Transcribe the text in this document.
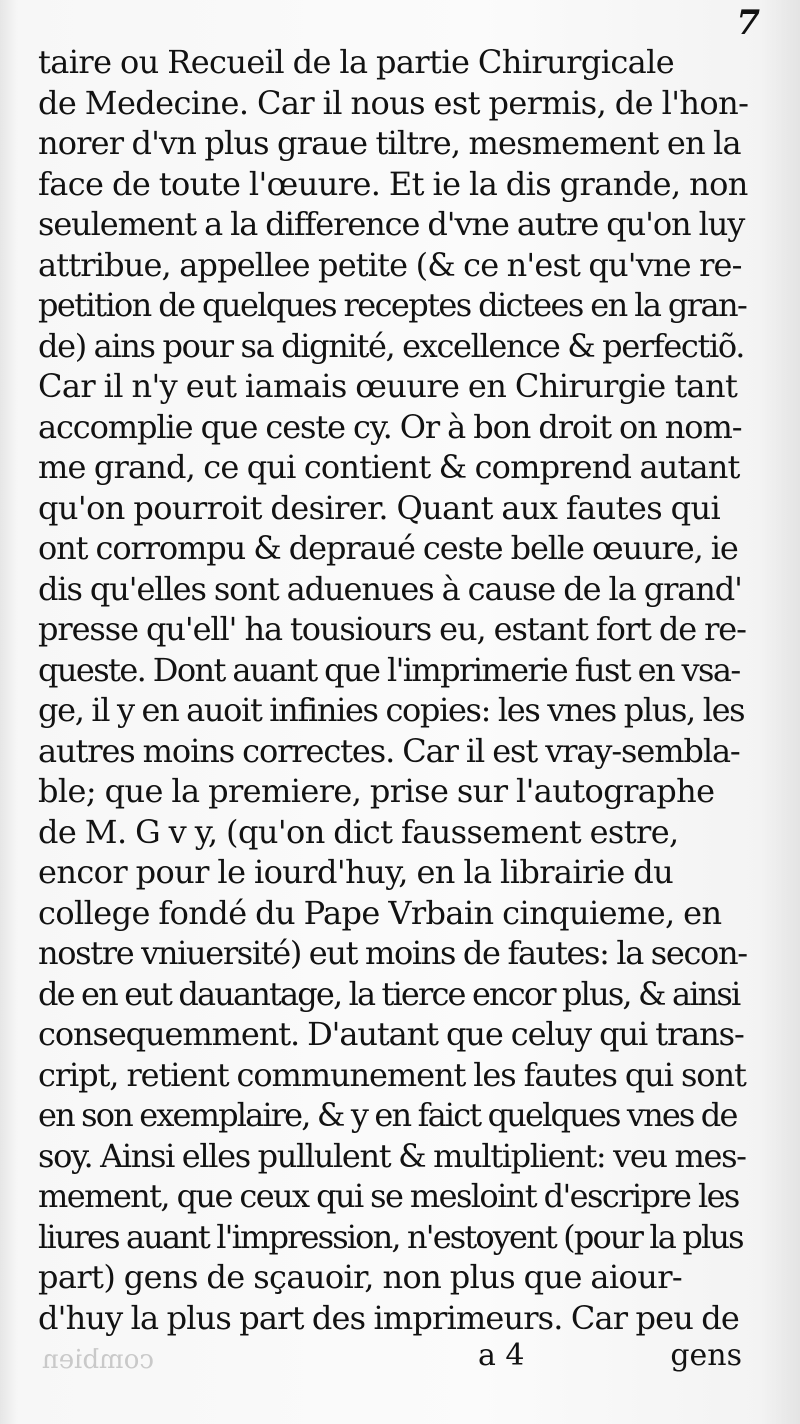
7
taire ou Recueil de la partie Chirurgicale
de Medecine. Car il nous est permis, de l'hon-
norer d'vn plus graue tiltre, mesmement en la
face de toute l'œuure. Et ie la dis grande, non
seulement a la difference d'vne autre qu'on luy
attribue, appellee petite (& ce n'est qu'vne re-
petition de quelques receptes dictees en la gran-
de) ains pour sa dignité, excellence & perfectiõ.
Car il n'y eut iamais œuure en Chirurgie tant
accomplie que ceste cy. Or à bon droit on nom-
me grand, ce qui contient & comprend autant
qu'on pourroit desirer. Quant aux fautes qui
ont corrompu & depraué ceste belle œuure, ie
dis qu'elles sont aduenues à cause de la grand'
presse qu'ell' ha tousiours eu, estant fort de re-
queste. Dont auant que l'imprimerie fust en vsa-
ge, il y en auoit infinies copies: les vnes plus, les
autres moins correctes. Car il est vray-sembla-
ble; que la premiere, prise sur l'autographe
de M. G v y, (qu'on dict faussement estre,
encor pour le iourd'huy, en la librairie du
college fondé du Pape Vrbain cinquieme, en
nostre vniuersité) eut moins de fautes: la secon-
de en eut dauantage, la tierce encor plus, & ainsi
consequemment. D'autant que celuy qui trans-
cript, retient communement les fautes qui sont
en son exemplaire, & y en faict quelques vnes de
soy. Ainsi elles pullulent & multiplient: veu mes-
mement, que ceux qui se mesloint d'escripre les
liures auant l'impression, n'estoyent (pour la plus
part) gens de sçauoir, non plus que aiour-
d'huy la plus part des imprimeurs. Car peu de
combien	a 4	gens
